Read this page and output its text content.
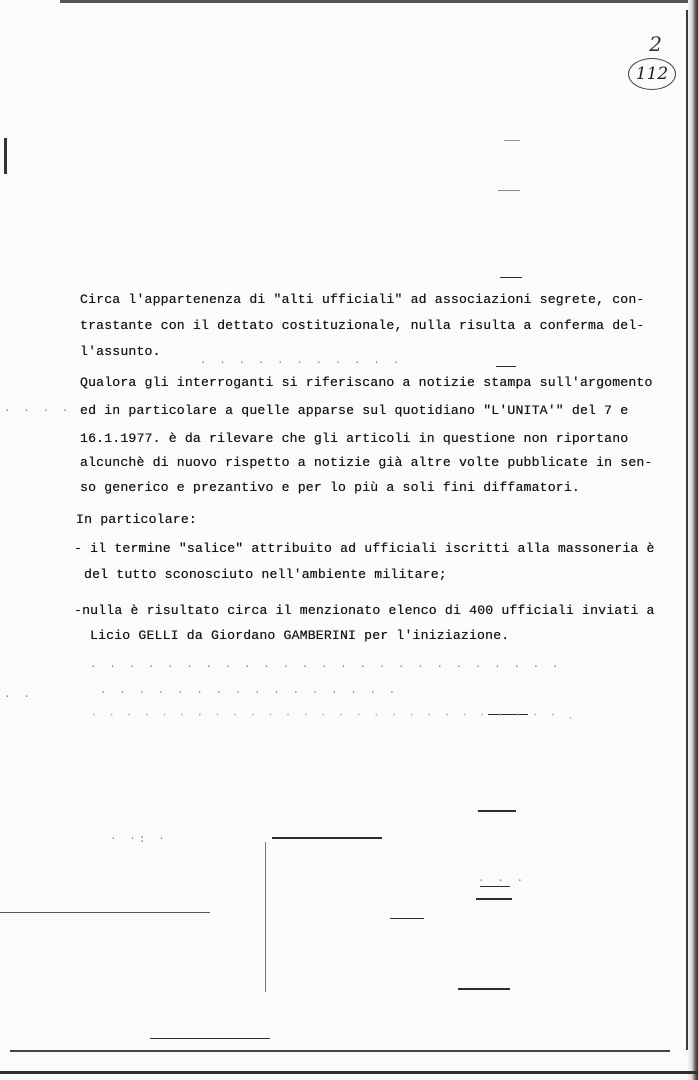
2
112
Circa l'appartenenza di "alti ufficiali" ad associazioni segrete, con-
trastante con il dettato costituzionale, nulla risulta a conferma del-
l'assunto.
Qualora gli interroganti si riferiscano a notizie stampa sull'argomento
ed in particolare a quelle apparse sul quotidiano "L'UNITA'" del 7 e
16.1.1977. è da rilevare che gli articoli in questione non riportano
alcunchè di nuovo rispetto a notizie già altre volte pubblicate in sen-
so generico e prezantivo e per lo più a soli fini diffamatori.
In particolare:
- il termine "salice" attribuito ad ufficiali iscritti alla massoneria è
del tutto sconosciuto nell'ambiente militare;
-nulla è risultato circa il menzionato elenco di 400 ufficiali inviati a
Licio GELLI da Giordano GAMBERINI per l'iniziazione.
· · · · · · · · · · ·
· · · ·
· · · · · · · · · · · · · · · · · · · · · · · · ·
· · · · · · · · · · · · · · · ·
· · · · · · · · · · · · · · · · · · · · · · · · · · · .
· ·
· ·: ·
· · ·
